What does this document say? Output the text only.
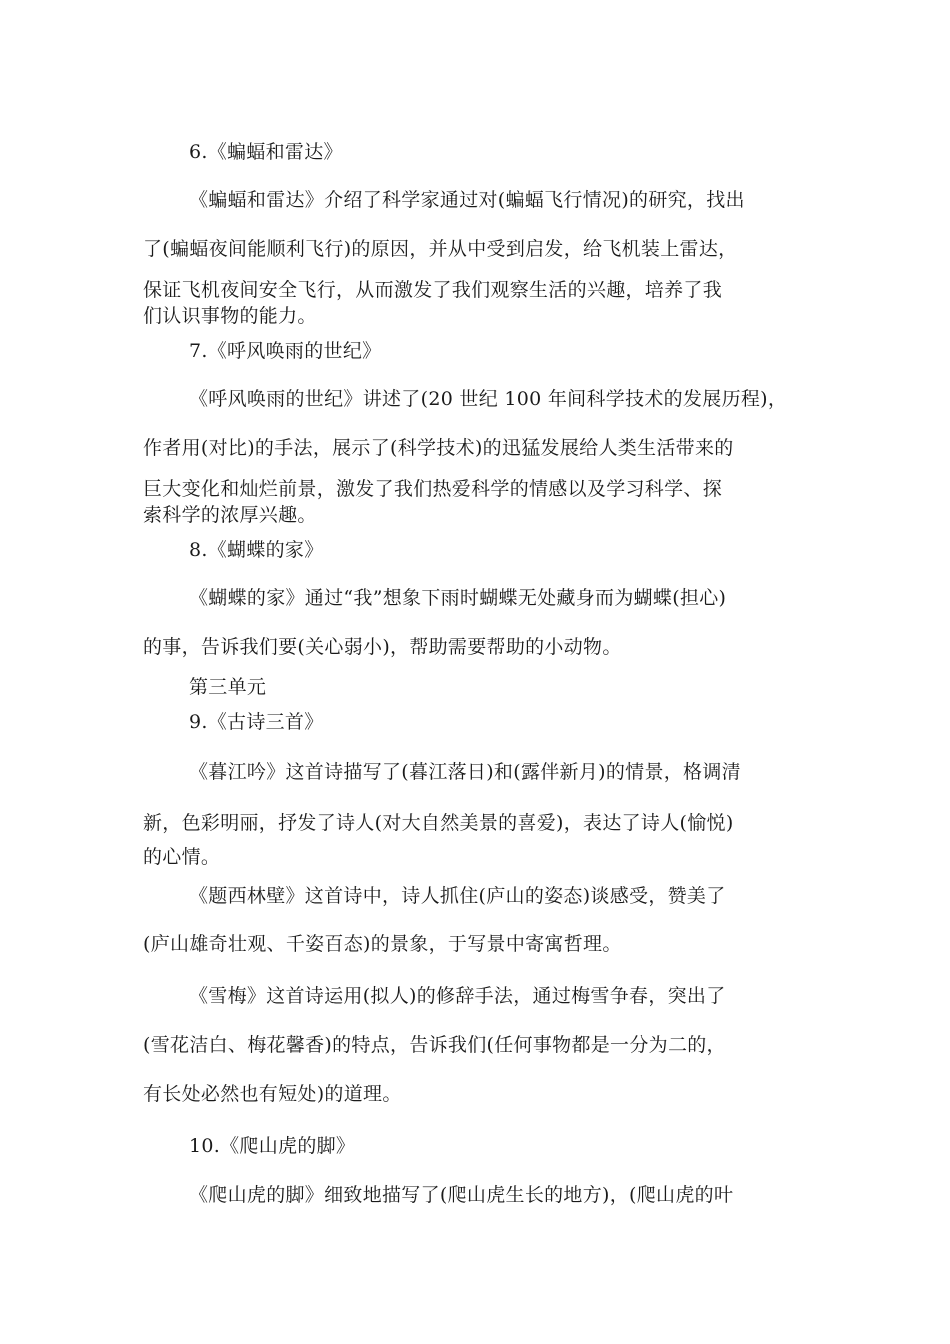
6.《蝙蝠和雷达》
《蝙蝠和雷达》介绍了科学家通过对(蝙蝠飞行情况)的研究，找出
了(蝙蝠夜间能顺利飞行)的原因，并从中受到启发，给飞机装上雷达，
保证飞机夜间安全飞行，从而激发了我们观察生活的兴趣，培养了我
们认识事物的能力。
7.《呼风唤雨的世纪》
《呼风唤雨的世纪》讲述了(20 世纪 100 年间科学技术的发展历程)，
作者用(对比)的手法，展示了(科学技术)的迅猛发展给人类生活带来的
巨大变化和灿烂前景，激发了我们热爱科学的情感以及学习科学、探
索科学的浓厚兴趣。
8.《蝴蝶的家》
《蝴蝶的家》通过“我”想象下雨时蝴蝶无处藏身而为蝴蝶(担心)
的事，告诉我们要(关心弱小)，帮助需要帮助的小动物。
第三单元
9.《古诗三首》
《暮江吟》这首诗描写了(暮江落日)和(露伴新月)的情景，格调清
新，色彩明丽，抒发了诗人(对大自然美景的喜爱)，表达了诗人(愉悦)
的心情。
《题西林壁》这首诗中，诗人抓住(庐山的姿态)谈感受，赞美了
(庐山雄奇壮观、千姿百态)的景象，于写景中寄寓哲理。
《雪梅》这首诗运用(拟人)的修辞手法，通过梅雪争春，突出了
(雪花洁白、梅花馨香)的特点，告诉我们(任何事物都是一分为二的，
有长处必然也有短处)的道理。
10.《爬山虎的脚》
《爬山虎的脚》细致地描写了(爬山虎生长的地方)，(爬山虎的叶
